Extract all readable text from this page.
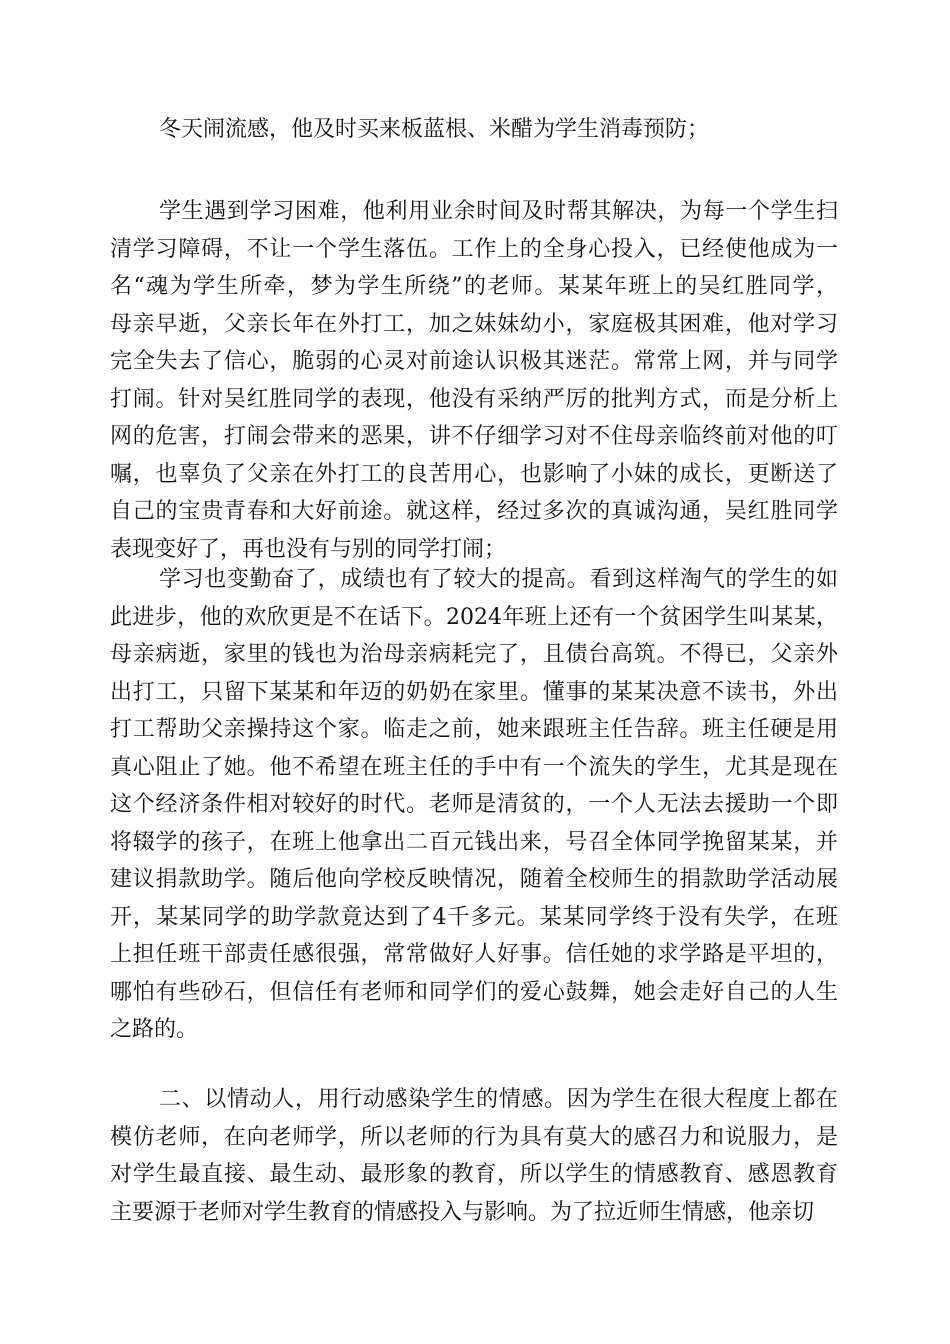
冬天闹流感，他及时买来板蓝根、米醋为学生消毒预防；
学生遇到学习困难，他利用业余时间及时帮其解决，为每一个学生扫
清学习障碍，不让一个学生落伍。工作上的全身心投入，已经使他成为一
名“魂为学生所牵，梦为学生所绕”的老师。某某年班上的吴红胜同学，
母亲早逝，父亲长年在外打工，加之妹妹幼小，家庭极其困难，他对学习
完全失去了信心，脆弱的心灵对前途认识极其迷茫。常常上网，并与同学
打闹。针对吴红胜同学的表现，他没有采纳严厉的批判方式，而是分析上
网的危害，打闹会带来的恶果，讲不仔细学习对不住母亲临终前对他的叮
嘱，也辜负了父亲在外打工的良苦用心，也影响了小妹的成长，更断送了
自己的宝贵青春和大好前途。就这样，经过多次的真诚沟通，吴红胜同学
表现变好了，再也没有与别的同学打闹；
学习也变勤奋了，成绩也有了较大的提高。看到这样淘气的学生的如
此进步，他的欢欣更是不在话下。2024年班上还有一个贫困学生叫某某，
母亲病逝，家里的钱也为治母亲病耗完了，且债台高筑。不得已，父亲外
出打工，只留下某某和年迈的奶奶在家里。懂事的某某决意不读书，外出
打工帮助父亲操持这个家。临走之前，她来跟班主任告辞。班主任硬是用
真心阻止了她。他不希望在班主任的手中有一个流失的学生，尤其是现在
这个经济条件相对较好的时代。老师是清贫的，一个人无法去援助一个即
将辍学的孩子，在班上他拿出二百元钱出来，号召全体同学挽留某某，并
建议捐款助学。随后他向学校反映情况，随着全校师生的捐款助学活动展
开，某某同学的助学款竟达到了4千多元。某某同学终于没有失学，在班
上担任班干部责任感很强，常常做好人好事。信任她的求学路是平坦的，
哪怕有些砂石，但信任有老师和同学们的爱心鼓舞，她会走好自己的人生
之路的。
二、以情动人，用行动感染学生的情感。因为学生在很大程度上都在
模仿老师，在向老师学，所以老师的行为具有莫大的感召力和说服力，是
对学生最直接、最生动、最形象的教育，所以学生的情感教育、感恩教育
主要源于老师对学生教育的情感投入与影响。为了拉近师生情感，他亲切
